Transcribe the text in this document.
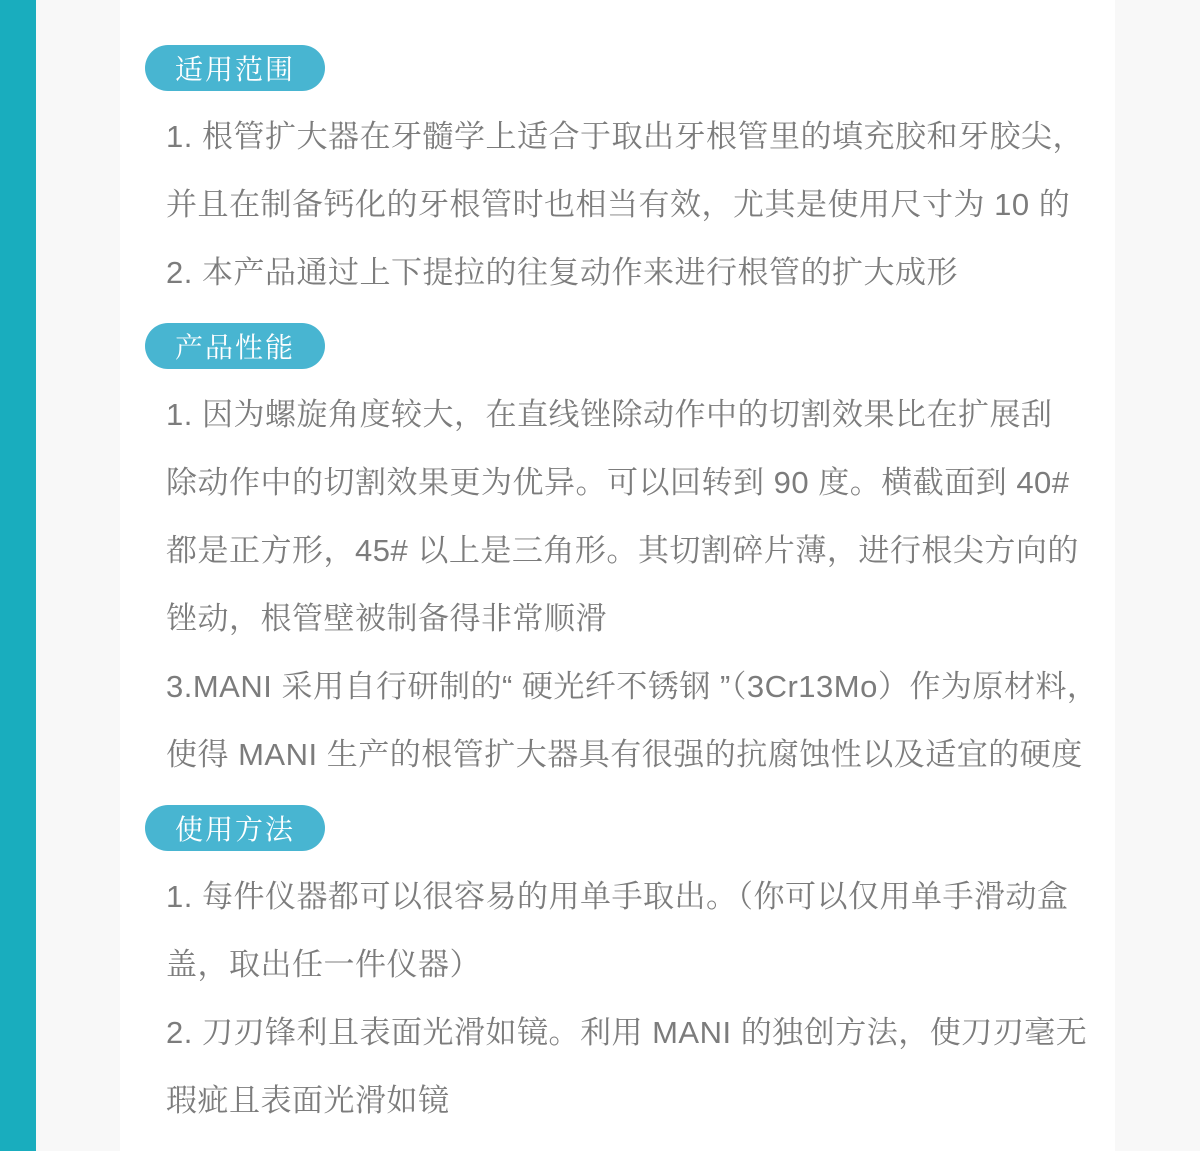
适用范围
1. 根管扩大器在牙髓学上适合于取出牙根管里的填充胶和牙胶尖，
并且在制备钙化的牙根管时也相当有效，尤其是使用尺寸为 10 的
2. 本产品通过上下提拉的往复动作来进行根管的扩大成形
产品性能
1. 因为螺旋角度较大，在直线锉除动作中的切割效果比在扩展刮
除动作中的切割效果更为优异。可以回转到 90 度。横截面到 40#
都是正方形，45# 以上是三角形。其切割碎片薄，进行根尖方向的
锉动，根管壁被制备得非常顺滑
3.MANI 采用自行研制的“ 硬光纤不锈钢 ”（3Cr13Mo）作为原材料，
使得 MANI 生产的根管扩大器具有很强的抗腐蚀性以及适宜的硬度
使用方法
1. 每件仪器都可以很容易的用单手取出。（你可以仅用单手滑动盒
盖，取出任一件仪器）
2. 刀刃锋利且表面光滑如镜。利用 MANI 的独创方法，使刀刃毫无
瑕疵且表面光滑如镜
